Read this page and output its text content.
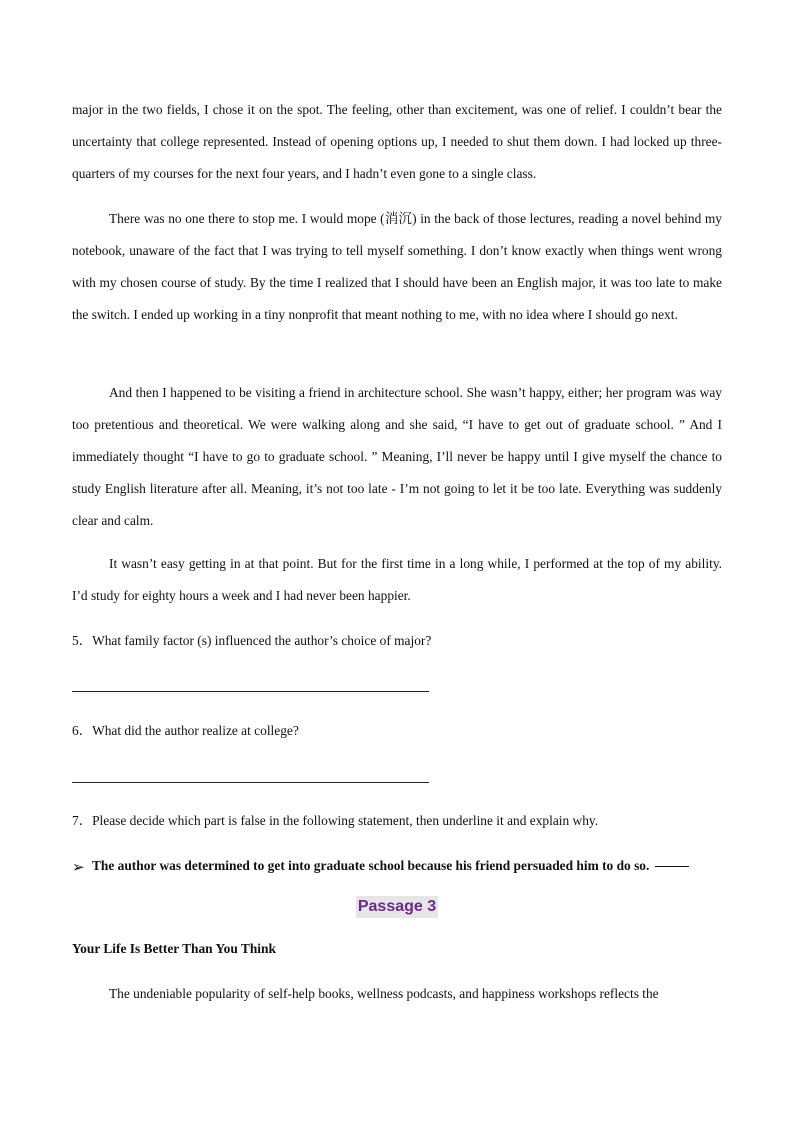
major in the two fields, I chose it on the spot. The feeling, other than excitement, was one of relief. I couldn’t bear the uncertainty that college represented. Instead of opening options up, I needed to shut them down. I had locked up three-quarters of my courses for the next four years, and I hadn’t even gone to a single class.

There was no one there to stop me. I would mope (消沉) in the back of those lectures, reading a novel behind my notebook, unaware of the fact that I was trying to tell myself something. I don’t know exactly when things went wrong with my chosen course of study. By the time I realized that I should have been an English major, it was too late to make the switch. I ended up working in a tiny nonprofit that meant nothing to me, with no idea where I should go next.

And then I happened to be visiting a friend in architecture school. She wasn’t happy, either; her program was way too pretentious and theoretical. We were walking along and she said, “I have to get out of graduate school. ” And I immediately thought “I have to go to graduate school. ” Meaning, I’ll never be happy until I give myself the chance to study English literature after all. Meaning, it’s not too late - I’m not going to let it be too late. Everything was suddenly clear and calm.

It wasn’t easy getting in at that point. But for the first time in a long while, I performed at the top of my ability. I’d study for eighty hours a week and I had never been happier.

5．What family factor (s) influenced the author’s choice of major?

6．What did the author realize at college?

7．Please decide which part is false in the following statement, then underline it and explain why.

➢ The author was determined to get into graduate school because his friend persuaded him to do so.

Passage 3

Your Life Is Better Than You Think

The undeniable popularity of self-help books, wellness podcasts, and happiness workshops reflects the
